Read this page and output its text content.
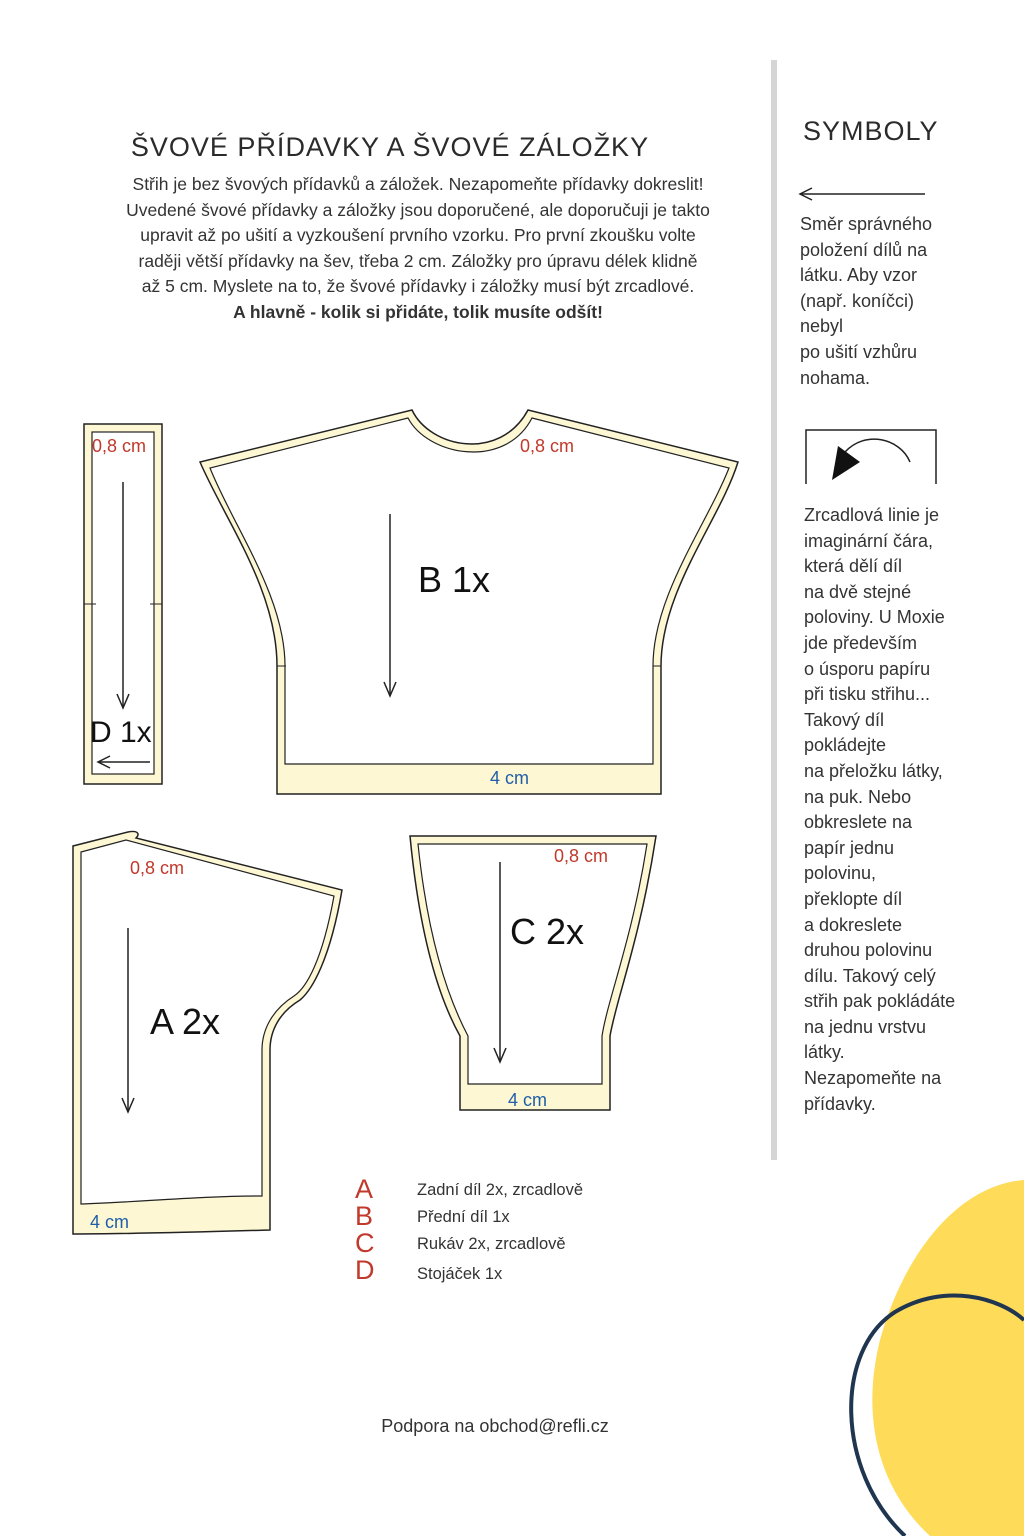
ŠVOVÉ PŘÍDAVKY A ŠVOVÉ ZÁLOŽKY
Střih je bez švových přídavků a záložek. Nezapomeňte přídavky dokreslit!
Uvedené švové přídavky a záložky jsou doporučené, ale doporučuji je takto
upravit až po ušití a vyzkoušení prvního vzorku. Pro první zkoušku volte
raději větší přídavky na šev, třeba 2 cm. Záložky pro úpravu délek klidně
až 5 cm. Myslete na to, že švové přídavky i záložky musí být zrcadlové.
A hlavně - kolik si přidáte, tolik musíte odšít!
SYMBOLY
0,8 cm
D 1x
0,8 cm
B 1x
4 cm
0,8 cm
A 2x
4 cm
0,8 cm
C 2x
4 cm
Směr správného
položení dílů na
látku. Aby vzor
(např. koníčci)
nebyl
po ušití vzhůru
nohama.
Zrcadlová linie je
imaginární čára,
která dělí díl
na dvě stejné
poloviny. U Moxie
jde především
o úsporu papíru
při tisku střihu...
Takový díl
pokládejte
na přeložku látky,
na puk. Nebo
obkreslete na
papír jednu
polovinu,
překlopte díl
a dokreslete
druhou polovinu
dílu. Takový celý
střih pak pokládáte
na jednu vrstvu
látky.
Nezapomeňte na
přídavky.
A	Zadní díl 2x, zrcadlově
B	Přední díl 1x
C	Rukáv 2x, zrcadlově
D	Stojáček 1x
Podpora na obchod@refli.cz
